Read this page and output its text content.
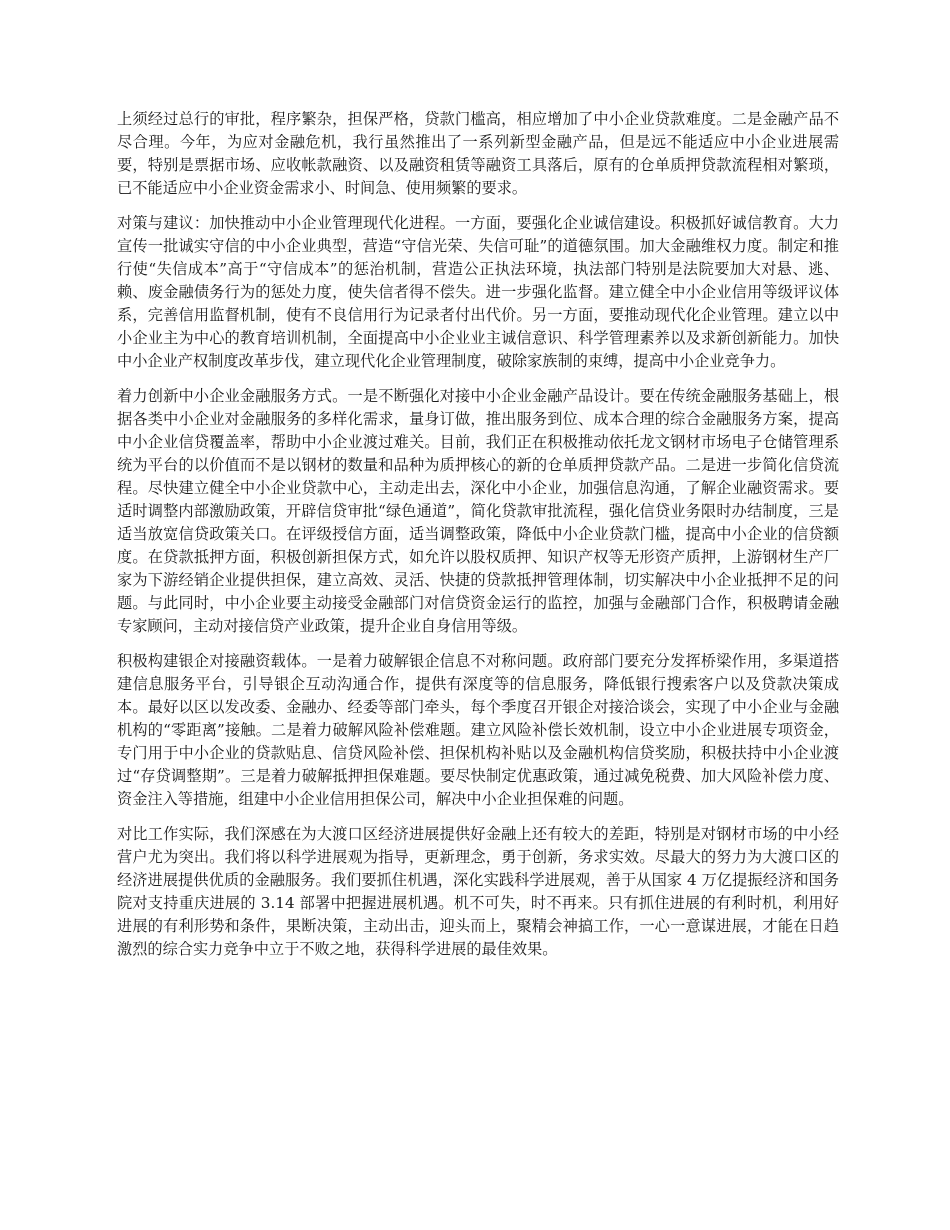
上须经过总行的审批，程序繁杂，担保严格，贷款门槛高，相应增加了中小企业贷款难度。二是金融产品不尽合理。今年，为应对金融危机，我行虽然推出了一系列新型金融产品，但是远不能适应中小企业进展需要，特别是票据市场、应收帐款融资、以及融资租赁等融资工具落后，原有的仓单质押贷款流程相对繁琐，已不能适应中小企业资金需求小、时间急、使用频繁的要求。

对策与建议：加快推动中小企业管理现代化进程。一方面，要强化企业诚信建设。积极抓好诚信教育。大力宣传一批诚实守信的中小企业典型，营造“守信光荣、失信可耻”的道德氛围。加大金融维权力度。制定和推行使“失信成本”高于“守信成本”的惩治机制，营造公正执法环境，执法部门特别是法院要加大对悬、逃、赖、废金融债务行为的惩处力度，使失信者得不偿失。进一步强化监督。建立健全中小企业信用等级评议体系，完善信用监督机制，使有不良信用行为记录者付出代价。另一方面，要推动现代化企业管理。建立以中小企业主为中心的教育培训机制，全面提高中小企业业主诚信意识、科学管理素养以及求新创新能力。加快中小企业产权制度改革步伐，建立现代化企业管理制度，破除家族制的束缚，提高中小企业竞争力。

着力创新中小企业金融服务方式。一是不断强化对接中小企业金融产品设计。要在传统金融服务基础上，根据各类中小企业对金融服务的多样化需求，量身订做，推出服务到位、成本合理的综合金融服务方案，提高中小企业信贷覆盖率，帮助中小企业渡过难关。目前，我们正在积极推动依托龙文钢材市场电子仓储管理系统为平台的以价值而不是以钢材的数量和品种为质押核心的新的仓单质押贷款产品。二是进一步简化信贷流程。尽快建立健全中小企业贷款中心，主动走出去，深化中小企业，加强信息沟通，了解企业融资需求。要适时调整内部激励政策，开辟信贷审批“绿色通道”，简化贷款审批流程，强化信贷业务限时办结制度，三是适当放宽信贷政策关口。在评级授信方面，适当调整政策，降低中小企业贷款门槛，提高中小企业的信贷额度。在贷款抵押方面，积极创新担保方式，如允许以股权质押、知识产权等无形资产质押，上游钢材生产厂家为下游经销企业提供担保，建立高效、灵活、快捷的贷款抵押管理体制，切实解决中小企业抵押不足的问题。与此同时，中小企业要主动接受金融部门对信贷资金运行的监控，加强与金融部门合作，积极聘请金融专家顾问，主动对接信贷产业政策，提升企业自身信用等级。

积极构建银企对接融资载体。一是着力破解银企信息不对称问题。政府部门要充分发挥桥梁作用，多渠道搭建信息服务平台，引导银企互动沟通合作，提供有深度等的信息服务，降低银行搜索客户以及贷款决策成本。最好以区以发改委、金融办、经委等部门牵头，每个季度召开银企对接洽谈会，实现了中小企业与金融机构的“零距离”接触。二是着力破解风险补偿难题。建立风险补偿长效机制，设立中小企业进展专项资金，专门用于中小企业的贷款贴息、信贷风险补偿、担保机构补贴以及金融机构信贷奖励，积极扶持中小企业渡过“存贷调整期”。三是着力破解抵押担保难题。要尽快制定优惠政策，通过减免税费、加大风险补偿力度、资金注入等措施，组建中小企业信用担保公司，解决中小企业担保难的问题。

对比工作实际，我们深感在为大渡口区经济进展提供好金融上还有较大的差距，特别是对钢材市场的中小经营户尤为突出。我们将以科学进展观为指导，更新理念，勇于创新，务求实效。尽最大的努力为大渡口区的经济进展提供优质的金融服务。我们要抓住机遇，深化实践科学进展观，善于从国家 4 万亿提振经济和国务院对支持重庆进展的 3.14 部署中把握进展机遇。机不可失，时不再来。只有抓住进展的有利时机，利用好进展的有利形势和条件，果断决策，主动出击，迎头而上，聚精会神搞工作，一心一意谋进展，才能在日趋激烈的综合实力竞争中立于不败之地，获得科学进展的最佳效果。
